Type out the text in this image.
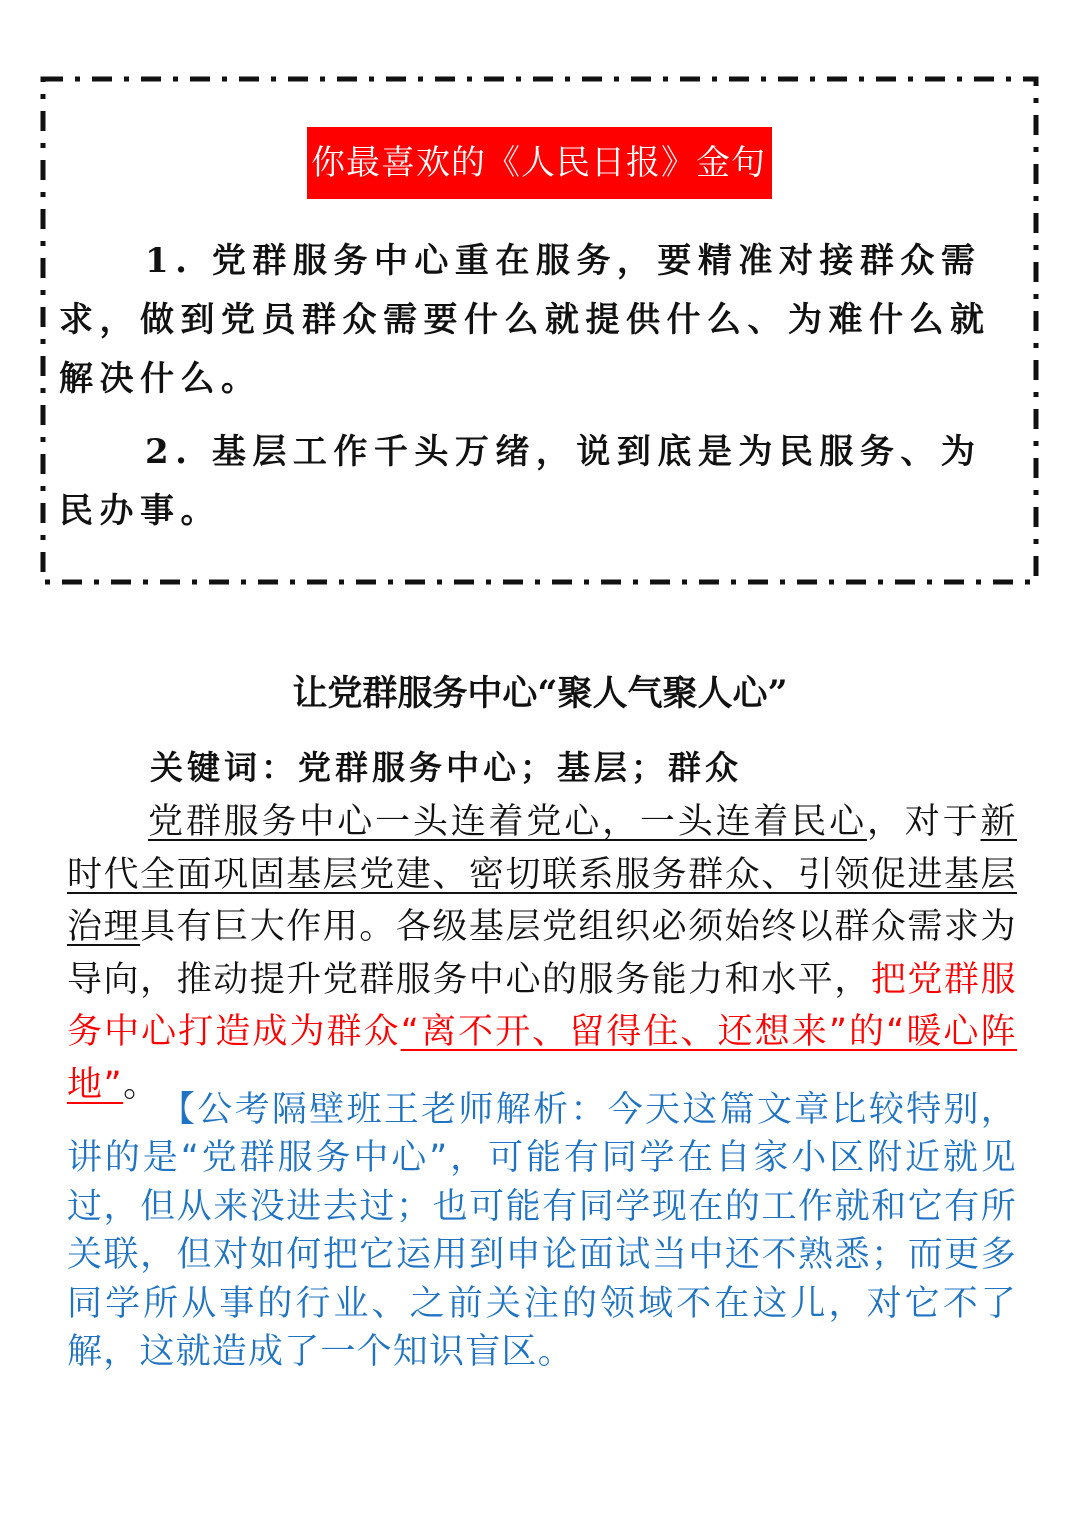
你最喜欢的《人民日报》金句

1. 党群服务中心重在服务，要精准对接群众需求，做到党员群众需要什么就提供什么、为难什么就解决什么。

2. 基层工作千头万绪，说到底是为民服务、为民办事。

让党群服务中心“聚人气聚人心”

关键词：党群服务中心；基层；群众

党群服务中心一头连着党心，一头连着民心，对于新时代全面巩固基层党建、密切联系服务群众、引领促进基层治理具有巨大作用。各级基层党组织必须始终以群众需求为导向，推动提升党群服务中心的服务能力和水平，把党群服务中心打造成为群众“离不开、留得住、还想来”的“暖心阵地”。

【公考隔壁班王老师解析：今天这篇文章比较特别，讲的是“党群服务中心”，可能有同学在自家小区附近就见过，但从来没进去过；也可能有同学现在的工作就和它有所关联，但对如何把它运用到申论面试当中还不熟悉；而更多同学所从事的行业、之前关注的领域不在这儿，对它不了解，这就造成了一个知识盲区。
